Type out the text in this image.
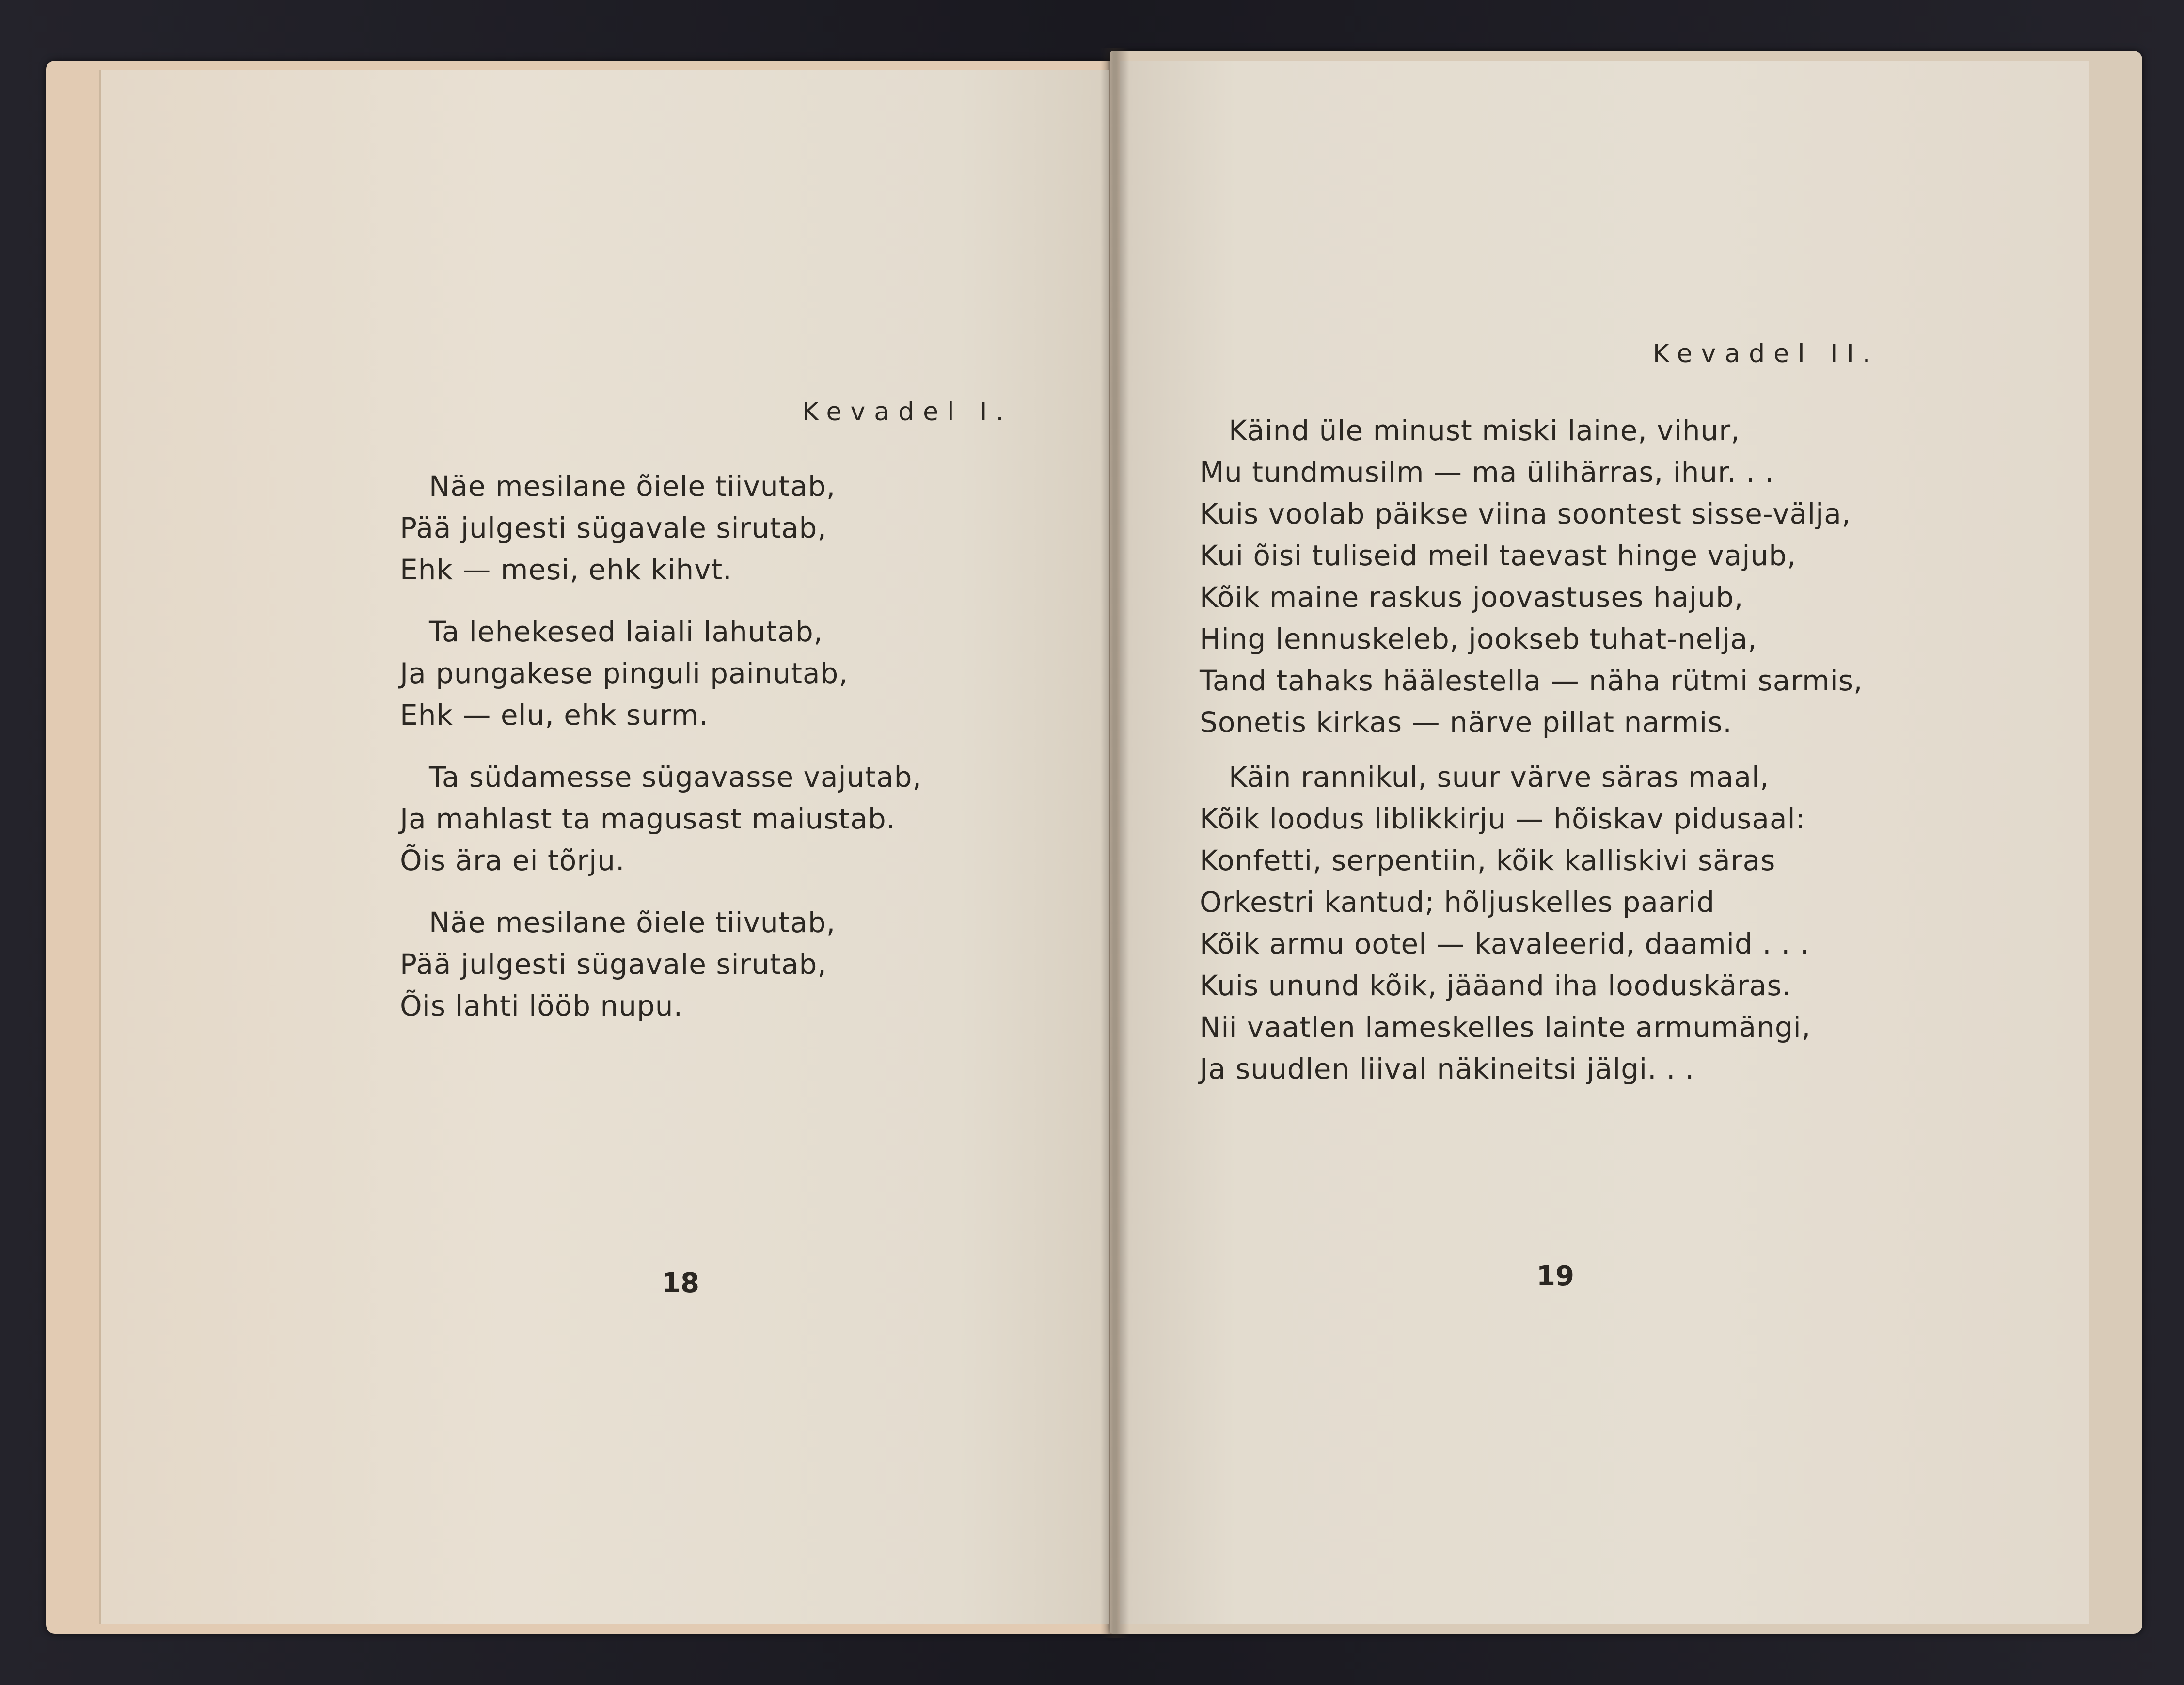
Kevadel I.
Näe mesilane õiele tiivutab,
Pää julgesti sügavale sirutab,
Ehk — mesi, ehk kihvt.
Ta lehekesed laiali lahutab,
Ja pungakese pinguli painutab,
Ehk — elu, ehk surm.
Ta südamesse sügavasse vajutab,
Ja mahlast ta magusast maiustab.
Õis ära ei tõrju.
Näe mesilane õiele tiivutab,
Pää julgesti sügavale sirutab,
Õis lahti lööb nupu.
18
Kevadel II.
Käind üle minust miski laine, vihur,
Mu tundmusilm — ma ülihärras, ihur. . .
Kuis voolab päikse viina soontest sisse-välja,
Kui õisi tuliseid meil taevast hinge vajub,
Kõik maine raskus joovastuses hajub,
Hing lennuskeleb, jookseb tuhat-nelja,
Tand tahaks häälestella — näha rütmi sarmis,
Sonetis kirkas — närve pillat narmis.
Käin rannikul, suur värve säras maal,
Kõik loodus liblikkirju — hõiskav pidusaal:
Konfetti, serpentiin, kõik kalliskivi säras
Orkestri kantud; hõljuskelles paarid
Kõik armu ootel — kavaleerid, daamid . . .
Kuis unund kõik, jääand iha looduskäras.
Nii vaatlen lameskelles lainte armumängi,
Ja suudlen liival näkineitsi jälgi. . .
19
